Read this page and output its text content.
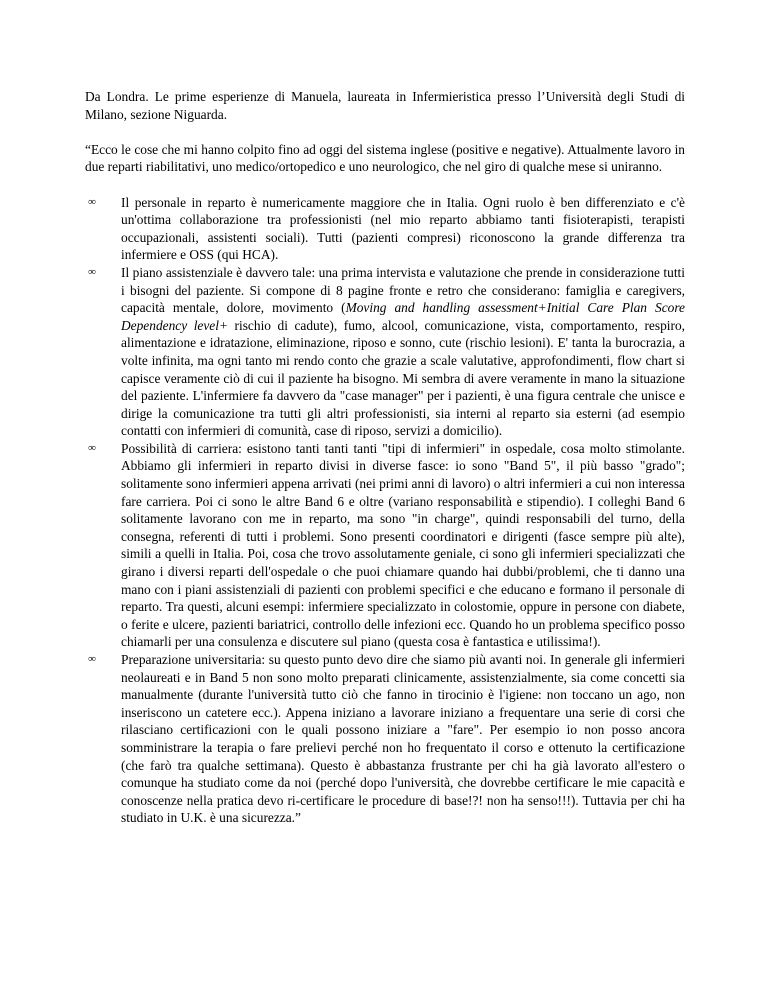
Da Londra. Le prime esperienze di Manuela, laureata in Infermieristica presso l’Università degli Studi di Milano, sezione Niguarda.

“Ecco le cose che mi hanno colpito fino ad oggi del sistema inglese (positive e negative). Attualmente lavoro in due reparti riabilitativi, uno medico/ortopedico e uno neurologico, che nel giro di qualche mese si uniranno.

∞ Il personale in reparto è numericamente maggiore che in Italia. Ogni ruolo è ben differenziato e c'è un'ottima collaborazione tra professionisti (nel mio reparto abbiamo tanti fisioterapisti, terapisti occupazionali, assistenti sociali). Tutti (pazienti compresi) riconoscono la grande differenza tra infermiere e OSS (qui HCA).
∞ Il piano assistenziale è davvero tale: una prima intervista e valutazione che prende in considerazione tutti i bisogni del paziente. Si compone di 8 pagine fronte e retro che considerano: famiglia e caregivers, capacità mentale, dolore, movimento (Moving and handling assessment+Initial Care Plan Score Dependency level+ rischio di cadute), fumo, alcool, comunicazione, vista, comportamento, respiro, alimentazione e idratazione, eliminazione, riposo e sonno, cute (rischio lesioni). E' tanta la burocrazia, a volte infinita, ma ogni tanto mi rendo conto che grazie a scale valutative, approfondimenti, flow chart si capisce veramente ciò di cui il paziente ha bisogno. Mi sembra di avere veramente in mano la situazione del paziente. L'infermiere fa davvero da "case manager" per i pazienti, è una figura centrale che unisce e dirige la comunicazione tra tutti gli altri professionisti, sia interni al reparto sia esterni (ad esempio contatti con infermieri di comunità, case di riposo, servizi a domicilio).
∞ Possibilità di carriera: esistono tanti tanti tanti "tipi di infermieri" in ospedale, cosa molto stimolante. Abbiamo gli infermieri in reparto divisi in diverse fasce: io sono "Band 5", il più basso "grado"; solitamente sono infermieri appena arrivati (nei primi anni di lavoro) o altri infermieri a cui non interessa fare carriera. Poi ci sono le altre Band 6 e oltre (variano responsabilità e stipendio). I colleghi Band 6 solitamente lavorano con me in reparto, ma sono "in charge", quindi responsabili del turno, della consegna, referenti di tutti i problemi. Sono presenti coordinatori e dirigenti (fasce sempre più alte), simili a quelli in Italia. Poi, cosa che trovo assolutamente geniale, ci sono gli infermieri specializzati che girano i diversi reparti dell'ospedale o che puoi chiamare quando hai dubbi/problemi, che ti danno una mano con i piani assistenziali di pazienti con problemi specifici e che educano e formano il personale di reparto. Tra questi, alcuni esempi: infermiere specializzato in colostomie, oppure in persone con diabete, o ferite e ulcere, pazienti bariatrici, controllo delle infezioni ecc. Quando ho un problema specifico posso chiamarli per una consulenza e discutere sul piano (questa cosa è fantastica e utilissima!).
∞ Preparazione universitaria: su questo punto devo dire che siamo più avanti noi. In generale gli infermieri neolaureati e in Band 5 non sono molto preparati clinicamente, assistenzialmente, sia come concetti sia manualmente (durante l'università tutto ciò che fanno in tirocinio è l'igiene: non toccano un ago, non inseriscono un catetere ecc.). Appena iniziano a lavorare iniziano a frequentare una serie di corsi che rilasciano certificazioni con le quali possono iniziare a "fare". Per esempio io non posso ancora somministrare la terapia o fare prelievi perché non ho frequentato il corso e ottenuto la certificazione (che farò tra qualche settimana). Questo è abbastanza frustrante per chi ha già lavorato all'estero o comunque ha studiato come da noi (perché dopo l'università, che dovrebbe certificare le mie capacità e conoscenze nella pratica devo ri-certificare le procedure di base!?! non ha senso!!!). Tuttavia per chi ha studiato in U.K. è una sicurezza.”
